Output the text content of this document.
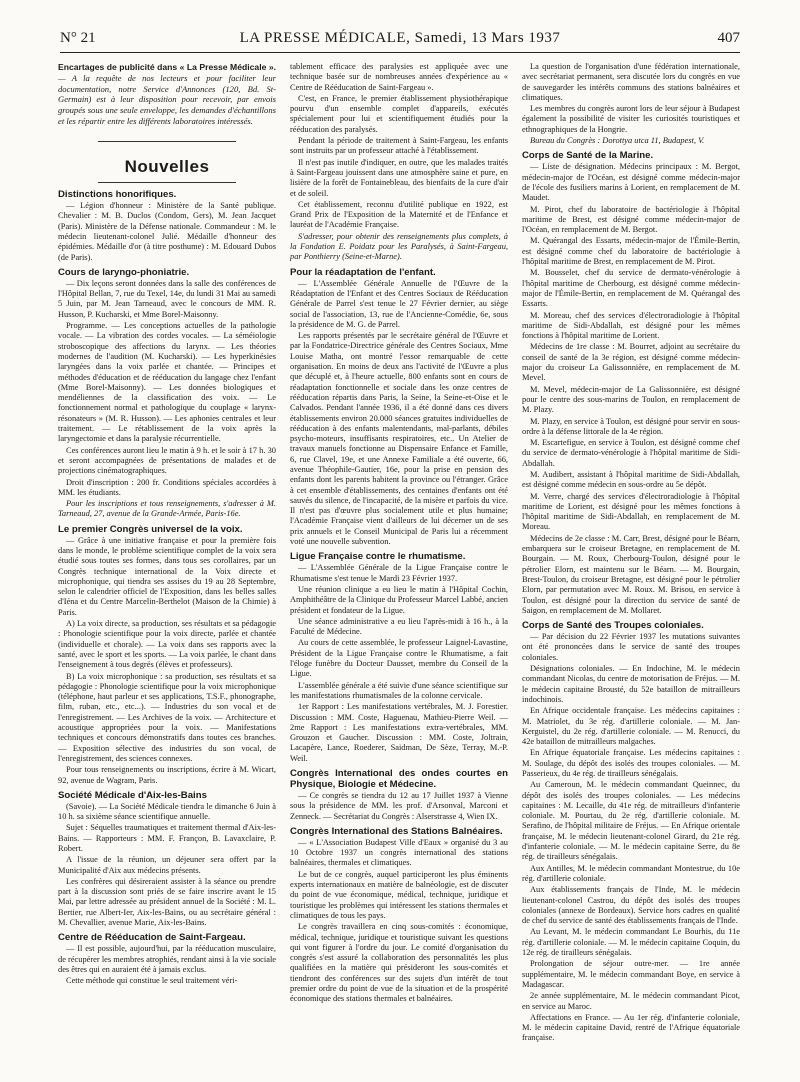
N° 21	LA PRESSE MÉDICALE, Samedi, 13 Mars 1937	407

Encartages de publicité dans « La Presse Médicale ». — A la requête de nos lecteurs et pour faciliter leur documentation, notre Service d'Annonces (120, Bd. St-Germain) est à leur disposition pour recevoir, par envois groupés sous une seule enveloppe, les demandes d'échantillons et les répartir entre les différents laboratoires intéressés.

Nouvelles
Distinctions honorifiques.

— Légion d'honneur : Ministère de la Santé publique. Chevalier : M. B. Duclos (Condom, Gers), M. Jean Jacquet (Paris). Ministère de la Défense nationale. Commandeur : M. le médecin lieutenant-colonel Julié. Médaille d'honneur des épidémies. Médaille d'or (à titre posthume) : M. Edouard Dubos (de Paris).

Cours de laryngo-phoniatrie.

— Dix leçons seront données dans la salle des conférences de l'Hôpital Bellan, 7, rue du Texel, 14e, du lundi 31 Mai au samedi 5 Juin, par M. Jean Tarneaud, avec le concours de MM. R. Husson, P. Kucharski, et Mme Borel-Maisonny.

Programme. — Les conceptions actuelles de la pathologie vocale. — La vibration des cordes vocales. — La séméiologie stroboscopique des affections du larynx. — Les théories modernes de l'audition (M. Kucharski). — Les hyperkinésies laryngées dans la voix parlée et chantée. — Principes et méthodes d'éducation et de rééducation du langage chez l'enfant (Mme Borel-Maisonny). — Les données biologiques et mendéliennes de la classification des voix. — Le fonctionnement normal et pathologique du couplage « larynx-résonateurs » (M. R. Husson). — Les aphonies centrales et leur traitement. — Le rétablissement de la voix après la laryngectomie et dans la paralysie récurrentielle.

Ces conférences auront lieu le matin à 9 h. et le soir à 17 h. 30 et seront accompagnées de présentations de malades et de projections cinématographiques.

Droit d'inscription : 200 fr. Conditions spéciales accordées à MM. les étudiants.

Pour les inscriptions et tous renseignements, s'adresser à M. Tarneaud, 27, avenue de la Grande-Armée, Paris-16e.

Le premier Congrès universel de la voix.

— Grâce à une initiative française et pour la première fois dans le monde, le problème scientifique complet de la voix sera étudié sous toutes ses formes, dans tous ses corollaires, par un Congrès technique international de la Voix directe et microphonique, qui tiendra ses assises du 19 au 28 Septembre, selon le calendrier officiel de l'Exposition, dans les belles salles d'Iéna et du Centre Marcelin-Berthelot (Maison de la Chimie) à Paris.

A) La voix directe, sa production, ses résultats et sa pédagogie : Phonologie scientifique pour la voix directe, parlée et chantée (individuelle et chorale). — La voix dans ses rapports avec la santé, avec le sport et les sports. — La voix parlée, le chant dans l'enseignement à tous degrés (élèves et professeurs).

B) La voix microphonique : sa production, ses résultats et sa pédagogie : Phonologie scientifique pour la voix microphonique (téléphone, haut parleur et ses applications, T.S.F., phonographe, film, ruban, etc., etc...). — Industries du son vocal et de l'enregistrement. — Les Archives de la voix. — Architecture et acoustique appropriées pour la voix. — Manifestations techniques et concours démonstratifs dans toutes ces branches. — Exposition sélective des industries du son vocal, de l'enregistrement, des sciences connexes.

Pour tous renseignements ou inscriptions, écrire à M. Wicart, 92, avenue de Wagram, Paris.

Société Médicale d'Aix-les-Bains

(Savoie). — La Société Médicale tiendra le dimanche 6 Juin à 10 h. sa sixième séance scientifique annuelle.

Sujet : Séquelles traumatiques et traitement thermal d'Aix-les-Bains. — Rapporteurs : MM. F. Françon, B. Lavaxclaire, P. Robert.

A l'issue de la réunion, un déjeuner sera offert par la Municipalité d'Aix aux médecins présents.

Les confrères qui désireraient assister à la séance ou prendre part à la discussion sont priés de se faire inscrire avant le 15 Mai, par lettre adressée au président annuel de la Société : M. L. Bertier, rue Albert-Ier, Aix-les-Bains, ou au secrétaire général : M. Chevallier, avenue Marie, Aix-les-Bains.

Centre de Rééducation de Saint-Fargeau.

— Il est possible, aujourd'hui, par la rééducation musculaire, de récupérer les membres atrophiés, rendant ainsi à la vie sociale des êtres qui en auraient été à jamais exclus.

Cette méthode qui constitue le seul traitement véri-

tablement efficace des paralysies est appliquée avec une technique basée sur de nombreuses années d'expérience au « Centre de Rééducation de Saint-Fargeau ».

C'est, en France, le premier établissement physiothérapique pourvu d'un ensemble complet d'appareils, exécutés spécialement pour lui et scientifiquement étudiés pour la rééducation des paralysés.

Pendant la période de traitement à Saint-Fargeau, les enfants sont instruits par un professeur attaché à l'établissement.

Il n'est pas inutile d'indiquer, en outre, que les malades traités à Saint-Fargeau jouissent dans une atmosphère saine et pure, en lisière de la forêt de Fontainebleau, des bienfaits de la cure d'air et de soleil.

Cet établissement, reconnu d'utilité publique en 1922, est Grand Prix de l'Exposition de la Maternité et de l'Enfance et lauréat de l'Académie Française.

S'adresser, pour obtenir des renseignements plus complets, à la Fondation E. Poidatz pour les Paralysés, à Saint-Fargeau, par Ponthierry (Seine-et-Marne).

Pour la réadaptation de l'enfant.

— L'Assemblée Générale Annuelle de l'Œuvre de la Réadaptation de l'Enfant et des Centres Sociaux de Rééducation Générale de Parrel s'est tenue le 27 Février dernier, au siège social de l'association, 13, rue de l'Ancienne-Comédie, 6e, sous la présidence de M. G. de Parrel.

Les rapports présentés par le secrétaire général de l'Œuvre et par la Fondatrice-Directrice générale des Centres Sociaux, Mme Louise Matha, ont montré l'essor remarquable de cette organisation. En moins de deux ans l'activité de l'Œuvre a plus que décuplé et, à l'heure actuelle, 800 enfants sont en cours de réadaptation fonctionnelle et sociale dans les onze centres de rééducation répartis dans Paris, la Seine, la Seine-et-Oise et le Calvados. Pendant l'année 1936, il a été donné dans ces divers établissements environ 20.000 séances gratuites individuelles de rééducation à des enfants malentendants, mal-parlants, débiles psycho-moteurs, insuffisants respiratoires, etc.. Un Atelier de travaux manuels fonctionne au Dispensaire Enfance et Famille, 6, rue Clavel, 19e, et une Annexe Familiale a été ouverte, 66, avenue Théophile-Gautier, 16e, pour la prise en pension des enfants dont les parents habitent la province ou l'étranger. Grâce à cet ensemble d'établissements, des centaines d'enfants ont été sauvés du silence, de l'incapacité, de la misère et parfois du vice. Il n'est pas d'œuvre plus socialement utile et plus humaine; l'Académie Française vient d'ailleurs de lui décerner un de ses prix annuels et le Conseil Municipal de Paris lui a récemment voté une nouvelle subvention.

Ligue Française contre le rhumatisme.

— L'Assemblée Générale de la Ligue Française contre le Rhumatisme s'est tenue le Mardi 23 Février 1937.

Une réunion clinique a eu lieu le matin à l'Hôpital Cochin, Amphithéâtre de la Clinique du Professeur Marcel Labbé, ancien président et fondateur de la Ligue.

Une séance administrative a eu lieu l'après-midi à 16 h., à la Faculté de Médecine.

Au cours de cette assemblée, le professeur Laignel-Lavastine, Président de la Ligue Française contre le Rhumatisme, a fait l'éloge funèbre du Docteur Dausset, membre du Conseil de la Ligue.

L'assemblée générale a été suivie d'une séance scientifique sur les manifestations rhumatismales de la colonne cervicale.

1er Rapport : Les manifestations vertébrales, M. J. Forestier. Discussion : MM. Coste, Haguenau, Mathieu-Pierre Weil. — 2me Rapport : Les manifestations extra-vertébrales, MM. Grouzon et Gaucher. Discussion : MM. Coste, Joltrain, Lacapère, Lance, Roederer, Saidman, De Sèze, Terray, M.-P. Weil.

Congrès International des ondes courtes en Physique, Biologie et Médecine.

— Ce congrès se tiendra du 12 au 17 Juillet 1937 à Vienne sous la présidence de MM. les prof. d'Arsonval, Marconi et Zenneck. — Secrétariat du Congrès : Alserstrasse 4, Wien IX.

Congrès International des Stations Balnéaires.

— « L'Association Budapest Ville d'Eaux » organisé du 3 au 10 Octobre 1937 un congrès international des stations balnéaires, thermales et climatiques.

Le but de ce congrès, auquel participeront les plus éminents experts internationaux en matière de balnéologie, est de discuter du point de vue économique, médical, technique, juridique et touristique les problèmes qui intéressent les stations thermales et climatiques de tous les pays.

Le congrès travaillera en cinq sous-comités : économique, médical, technique, juridique et touristique suivant les questions qui vont figurer à l'ordre du jour. Le comité d'organisation du congrès s'est assuré la collaboration des personnalités les plus qualifiées en la matière qui présideront les sous-comités et tiendront des conférences sur des sujets d'un intérêt de tout premier ordre du point de vue de la situation et de la prospérité économique des stations thermales et balnéaires.

La question de l'organisation d'une fédération internationale, avec secrétariat permanent, sera discutée lors du congrès en vue de sauvegarder les intérêts communs des stations balnéaires et climatiques.

Les membres du congrès auront lors de leur séjour à Budapest également la possibilité de visiter les curiosités touristiques et ethnographiques de la Hongrie.

Bureau du Congrès : Dorottya utca 11, Budapest, V.

Corps de Santé de la Marine.

— Liste de désignation. Médecins principaux : M. Bergot, médecin-major de l'Océan, est désigné comme médecin-major de l'école des fusiliers marins à Lorient, en remplacement de M. Maudet.

M. Pirot, chef du laboratoire de bactériologie à l'hôpital maritime de Brest, est désigné comme médecin-major de l'Océan, en remplacement de M. Bergot.

M. Quérangal des Essarts, médecin-major de l'Émile-Bertin, est désigné comme chef du laboratoire de bactériologie à l'hôpital maritime de Brest, en remplacement de M. Pirot.

M. Bousselet, chef du service de dermato-vénérologie à l'hôpital maritime de Cherbourg, est désigné comme médecin-major de l'Émile-Bertin, en remplacement de M. Quérangal des Essarts.

M. Moreau, chef des services d'électroradiologie à l'hôpital maritime de Sidi-Abdallah, est désigné pour les mêmes fonctions à l'hôpital maritime de Lorient.

Médecins de 1re classe : M. Bourret, adjoint au secrétaire du conseil de santé de la 3e région, est désigné comme médecin-major du croiseur La Galissonnière, en remplacement de M. Mevel.

M. Mevel, médecin-major de La Galissonnière, est désigné pour le centre des sous-marins de Toulon, en remplacement de M. Plazy.

M. Plazy, en service à Toulon, est désigné pour servir en sous-ordre à la défense littorale de la 4e région.

M. Escartefigue, en service à Toulon, est désigné comme chef du service de dermato-vénérologie à l'hôpital maritime de Sidi-Abdallah.

M. Audibert, assistant à l'hôpital maritime de Sidi-Abdallah, est désigné comme médecin en sous-ordre au 5e dépôt.

M. Verre, chargé des services d'électroradiologie à l'hôpital maritime de Lorient, est désigné pour les mêmes fonctions à l'hôpital maritime de Sidi-Abdallah, en remplacement de M. Moreau.

Médecins de 2e classe : M. Carr, Brest, désigné pour le Béarn, embarquera sur le croiseur Bretagne, en remplacement de M. Bourgain. — M. Roux, Cherbourg-Toulon, désigné pour le pétrolier Elorn, est maintenu sur le Béarn. — M. Bourgain, Brest-Toulon, du croiseur Bretagne, est désigné pour le pétrolier Elorn, par permutation avec M. Roux. M. Brisou, en service à Toulon, est désigné pour la direction du service de santé de Saigon, en remplacement de M. Mollaret.

Corps de Santé des Troupes coloniales.

— Par décision du 22 Février 1937 les mutations suivantes ont été prononcées dans le service de santé des troupes coloniales.

Désignations coloniales. — En Indochine, M. le médecin commandant Nicolas, du centre de motorisation de Fréjus. — M. le médecin capitaine Brousté, du 52e bataillon de mitrailleurs indochinois.

En Afrique occidentale française. Les médecins capitaines : M. Matriolet, du 3e rég. d'artillerie coloniale. — M. Jan-Kerguistel, du 2e rég. d'artillerie coloniale. — M. Renucci, du 42e bataillon de mitrailleurs malgaches.

En Afrique équatoriale française. Les médecins capitaines : M. Soulage, du dépôt des isolés des troupes coloniales. — M. Passerieux, du 4e rég. de tirailleurs sénégalais.

Au Cameroun, M. le médecin commandant Queinnec, du dépôt des isolés des troupes coloniales. — Les médecins capitaines : M. Lecaille, du 41e rég. de mitrailleurs d'infanterie coloniale. M. Pourtau, du 2e rég. d'artillerie coloniale. M. Serafino, de l'hôpital militaire de Fréjus. — En Afrique orientale française, M. le médecin lieutenant-colonel Girard, du 21e rég. d'infanterie coloniale. — M. le médecin capitaine Serre, du 8e rég. de tirailleurs sénégalais.

Aux Antilles, M. le médecin commandant Montestrue, du 10e rég. d'artillerie coloniale.

Aux établissements français de l'Inde, M. le médecin lieutenant-colonel Castrou, du dépôt des isolés des troupes coloniales (annexe de Bordeaux). Service hors cadres en qualité de chef du service de santé des établissements français de l'Inde.

Au Levant, M. le médecin commandant Le Bourhis, du 11e rég. d'artillerie coloniale. — M. le médecin capitaine Coquin, du 12e rég. de tirailleurs sénégalais.

Prolongation de séjour outre-mer. — 1re année supplémentaire, M. le médecin commandant Boye, en service à Madagascar.

2e année supplémentaire, M. le médecin commandant Picot, en service au Maroc.

Affectations en France. — Au 1er rég. d'infanterie coloniale, M. le médecin capitaine David, rentré de l'Afrique équatoriale française.
